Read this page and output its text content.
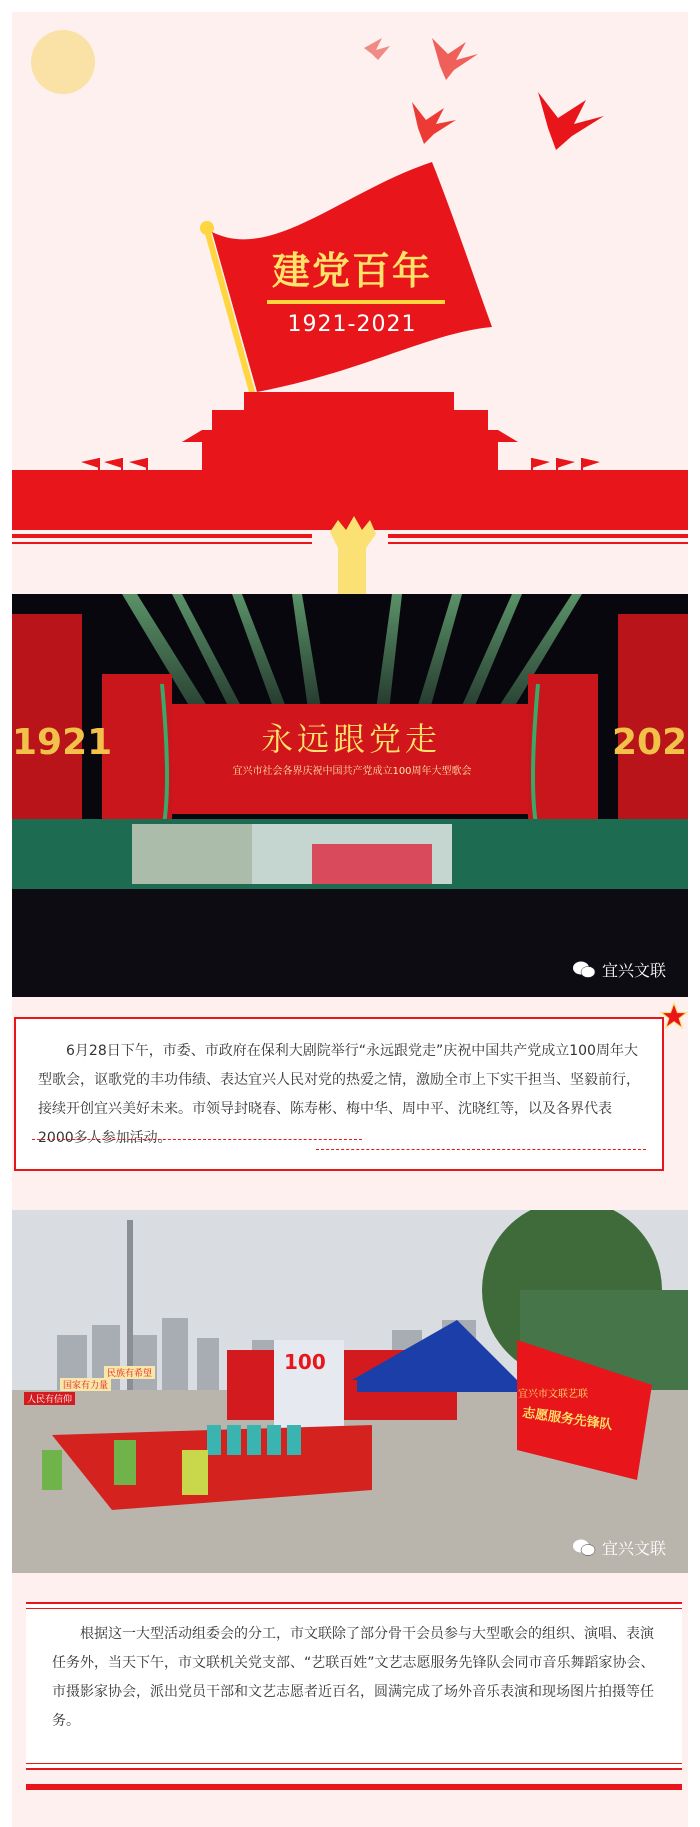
建党百年
1921-2021
永远跟党走
宜兴市社会各界庆祝中国共产党成立100周年大型歌会
1921	202
宜兴文联

6月28日下午，市委、市政府在保利大剧院举行“永远跟党走”庆祝中国共产党成立100周年大型歌会，讴歌党的丰功伟绩、表达宜兴人民对党的热爱之情，激励全市上下实干担当、坚毅前行，接续开创宜兴美好未来。市领导封晓春、陈寿彬、梅中华、周中平、沈晓红等，以及各界代表2000多人参加活动。

宜兴市文联艺联
志愿服务先锋队
100
国家有力量
人民有信仰
民族有希望
宜兴文联

根据这一大型活动组委会的分工，市文联除了部分骨干会员参与大型歌会的组织、演唱、表演任务外，当天下午，市文联机关党支部、“艺联百姓”文艺志愿服务先锋队会同市音乐舞蹈家协会、市摄影家协会，派出党员干部和文艺志愿者近百名，圆满完成了场外音乐表演和现场图片拍摄等任务。
